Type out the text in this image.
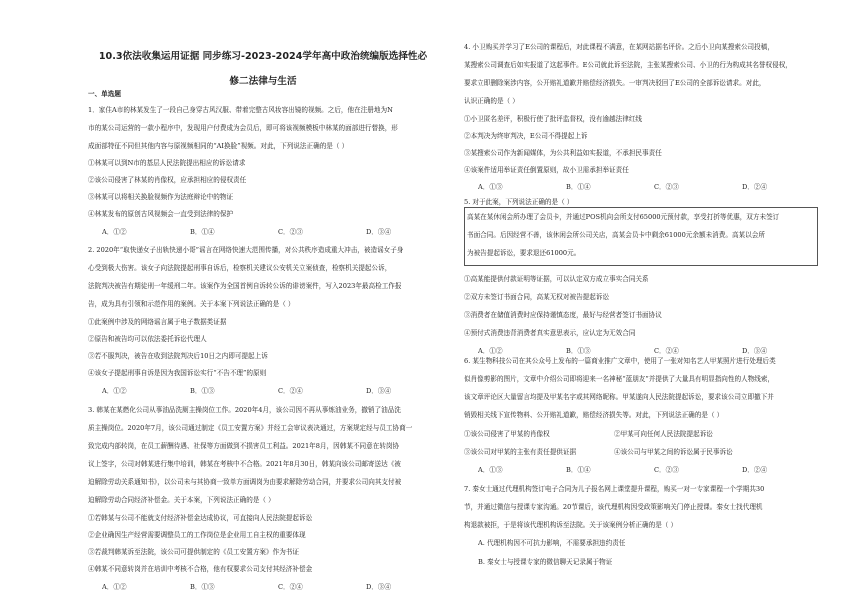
10.3依法收集运用证据 同步练习-2023-2024学年高中政治统编版选择性必
修二法律与生活
一、单选题
1．家住A市的林某发生了一段自己身穿古风汉服、带着完整古风妆容出镜的视频。之后，他在注册地为N
市的某公司运营的一款小程序中，发现用户付费成为会员后，即可将该视频模板中林某的面部进行替换，形
成面部特征不同但其他内容与原视频相同的“AI换脸”视频。对此，下列说法正确的是（ ）
①林某可以到N市的基层人民法院提出相应的诉讼请求
②该公司侵害了林某的肖像权，应承担相应的侵权责任
③林某可以将相关换脸视频作为法庭辩论中的物证
④林某发布的原创古风视频会一直受到法律的保护
A．①②	B．①④	C．②③	D．③④
2. 2020年“取快递女子出轨快递小哥”谣言在网络快速大范围传播，对公共秩序造成重大冲击，被造谣女子身
心受到极大伤害。该女子向法院提起刑事自诉后，检察机关建议公安机关立案侦查，检察机关提起公诉，
法院判决被告有期徒刑一年缓刑二年。该案作为全国首例自诉转公诉的诽谤案件，写入2023年最高检工作报
告，成为具有引领和示范作用的案例。关于本案下列说法正确的是（ ）
①此案例中涉及的网络谣言属于电子数据类证据
②原告和被告均可以依法委托诉讼代理人
③若不服判决，被告在收到法院判决后10日之内即可提起上诉
④该女子提起刑事自诉是因为我国诉讼实行“不告不理”的原则
A．①②	B．①③	C．②④	D．③④
3. 韩某在某燃化公司从事油品洗厕主操岗位工作。2020年4月，该公司因不再从事炼油业务，撤销了油品洗
质主操岗位。2020年7月，该公司通过制定《员工安置方案》并经工会审议表决通过，方案规定经与员工协商一
致完成内部转岗，在员工薪酬待遇、社保等方面做到不损害员工利益。2021年8月，因韩某不同意在转岗协
议上签字，公司对韩某进行集中培训，韩某在考核中不合格。2021年8月30日，韩某向该公司邮寄送达《被
迫解除劳动关系通知书》，以公司未与其协商一致单方面调岗为由要求解除劳动合同，并要求公司向其支付被
迫解除劳动合同经济补偿金。关于本案，下列说法正确的是（ ）
①若韩某与公司不能就支付经济补偿金达成协议，可直接向人民法院提起诉讼
②企业确因生产经营需要调整员工的工作岗位是企业用工自主权的重要体现
③若裁判韩某诉至法院，该公司可提供制定的《员工安置方案》作为书证
④韩某不同意转岗并在培训中考核不合格，他有权要求公司支付其经济补偿金
A．①②	B．①③	C．②④	D．③④
4. 小卫购买并学习了E公司的课程后，对此课程不满意，在某网站据名评价。之后小卫向某搜索公司投稿，
某搜索公司调查后如实报道了这起事件。E公司就此诉至法院，主张某搜索公司、小卫的行为构成其名誉权侵权，
要求立即删除案涉内容，公开赔礼道歉并赔偿经济损失。一审判决驳回了E公司的全部诉讼请求。对此，
认识正确的是（ ）
①小卫匿名差评，积极行使了批评监督权，没有逾越法律红线
②本判决为终审判决，E公司不得提起上诉
③某搜索公司作为新闻媒体，为公共利益如实报道，不承担民事责任
④该案件适用举证责任倒置原则，故小卫需承担举证责任
A．①③	B．①④	C．②③	D．②④
5. 对于此案，下列说法正确的是（ ）
高某在某休闲会所办理了会员卡，并通过POS机向会所支付65000元预付款，享受打折等优惠，双方未签订
书面合同。后因经营不善，该休闲会所公司关店，高某会员卡中剩余61000元余额未消费。高某以会所
为被告提起诉讼，要求退还61000元。
①高某能提供付款证明等证据，可以认定双方成立事实合同关系
②双方未签订书面合同，高某无权对被告提起诉讼
③消费者在储值消费时应保持谨慎态度，最好与经营者签订书面协议
④预付式消费违背消费者真实意思表示，应认定为无效合同
A．①②	B．①③	C．②④	D．③④
6. 某生物科技公司在其公众号上发布的一篇商业推广文章中，使用了一张对知名艺人甲某照片进行处理后类
似肖像剪影的图片，文章中介绍公司即将迎来一名神秘“蓝朋友”并提供了大量具有明显指向性的人物线索，
该文章评论区大量留言均提及甲某名字或其网络昵称。甲某遂向人民法院提起诉讼，要求该公司立即撤下并
销毁相关线下宣传物料、公开赔礼道歉，赔偿经济损失等。对此，下列说法正确的是（ ）
①该公司侵害了甲某的肖像权	②甲某可向任何人民法院提起诉讼
③该公司对甲某的主张有责任提供证据	④该公司与甲某之间的诉讼属于民事诉讼
A．①③	B．①④	C．②③	D．②④
7. 秦女士通过代理机构签订电子合同为儿子报名网上课堂提升课程，购买一对一专家课程一个学期共30
节，并通过微信与授课专家沟通。20节课后，该代理机构因受政策影响关门停止授课。秦女士找代理机
构退款被拒，于是将该代理机构诉至法院。关于该案例分析正确的是（ ）
A. 代理机构因不可抗力影响，不需要承担违约责任
B. 秦女士与授课专家的微信聊天记录属于物证
